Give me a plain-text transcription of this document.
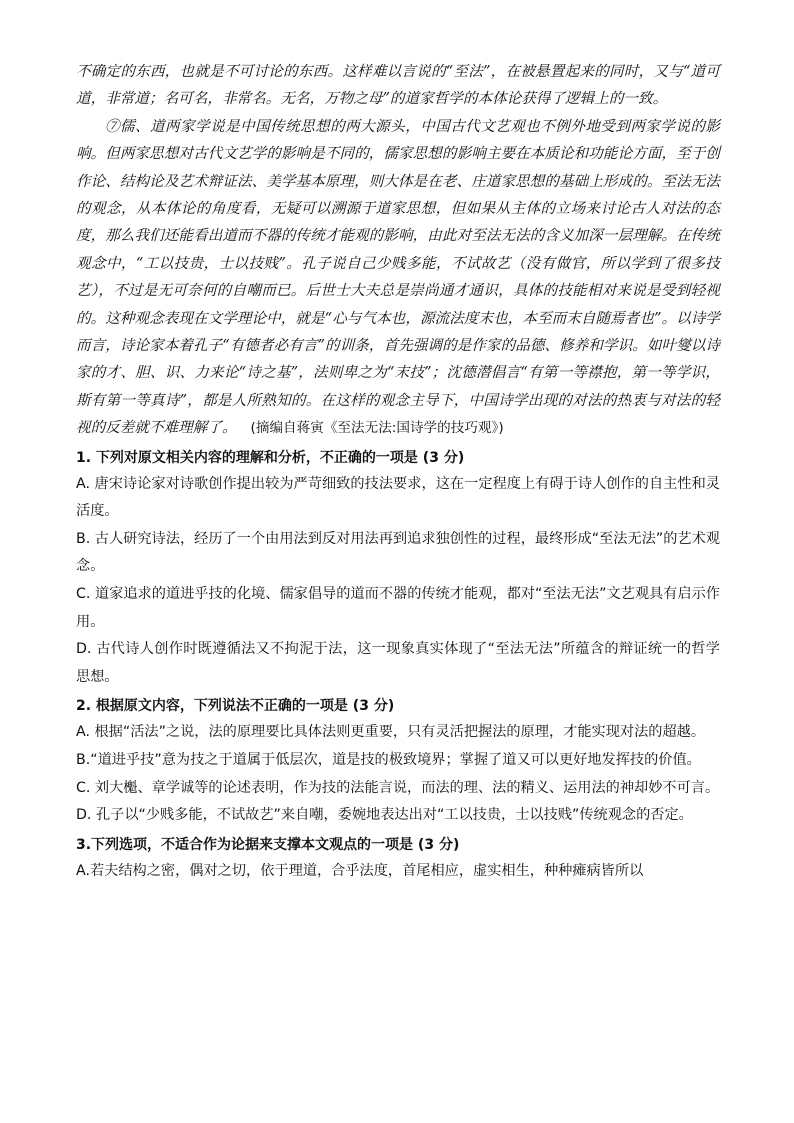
不确定的东西，也就是不可讨论的东西。这样难以言说的“至法”，在被悬置起来的同时，又与“道可道，非常道；名可名，非常名。无名，万物之母”的道家哲学的本体论获得了逻辑上的一致。

⑦儒、道两家学说是中国传统思想的两大源头，中国古代文艺观也不例外地受到两家学说的影响。但两家思想对古代文艺学的影响是不同的，儒家思想的影响主要在本质论和功能论方面，至于创作论、结构论及艺术辩证法、美学基本原理，则大体是在老、庄道家思想的基础上形成的。至法无法的观念，从本体论的角度看，无疑可以溯源于道家思想，但如果从主体的立场来讨论古人对法的态度，那么我们还能看出道而不器的传统才能观的影响，由此对至法无法的含义加深一层理解。在传统观念中，“工以技贵，士以技贱”。孔子说自己少贱多能，不试故艺（没有做官，所以学到了很多技艺），不过是无可奈何的自嘲而已。后世士大夫总是崇尚通才通识，具体的技能相对来说是受到轻视的。这种观念表现在文学理论中，就是“心与气本也，源流法度末也，本至而末自随焉者也”。以诗学而言，诗论家本着孔子“有德者必有言”的训条，首先强调的是作家的品德、修养和学识。如叶燮以诗家的才、胆、识、力来论“诗之基”，法则卑之为“末技”；沈德潜倡言“有第一等襟抱，第一等学识，斯有第一等真诗”，都是人所熟知的。在这样的观念主导下，中国诗学出现的对法的热衷与对法的轻视的反差就不难理解了。 (摘编自蒋寅《至法无法:国诗学的技巧观》)

1. 下列对原文相关内容的理解和分析，不正确的一项是 (3 分)

A. 唐宋诗论家对诗歌创作提出较为严苛细致的技法要求，这在一定程度上有碍于诗人创作的自主性和灵活度。

B. 古人研究诗法，经历了一个由用法到反对用法再到追求独创性的过程，最终形成“至法无法”的艺术观念。

C. 道家追求的道进乎技的化境、儒家倡导的道而不器的传统才能观，都对“至法无法”文艺观具有启示作用。

D. 古代诗人创作时既遵循法又不拘泥于法，这一现象真实体现了“至法无法”所蕴含的辩证统一的哲学思想。

2. 根据原文内容，下列说法不正确的一项是 (3 分)

A. 根据“活法”之说，法的原理要比具体法则更重要，只有灵活把握法的原理，才能实现对法的超越。

B.“道进乎技”意为技之于道属于低层次，道是技的极致境界；掌握了道又可以更好地发挥技的价值。

C. 刘大櫆、章学诚等的论述表明，作为技的法能言说，而法的理、法的精义、运用法的神却妙不可言。

D. 孔子以“少贱多能，不试故艺”来自嘲，委婉地表达出对“工以技贵，士以技贱”传统观念的否定。

3.下列选项，不适合作为论据来支撑本文观点的一项是 (3 分)

A.若夫结构之密，偶对之切，依于理道，合乎法度，首尾相应，虚实相生，种种瘫病皆所以
